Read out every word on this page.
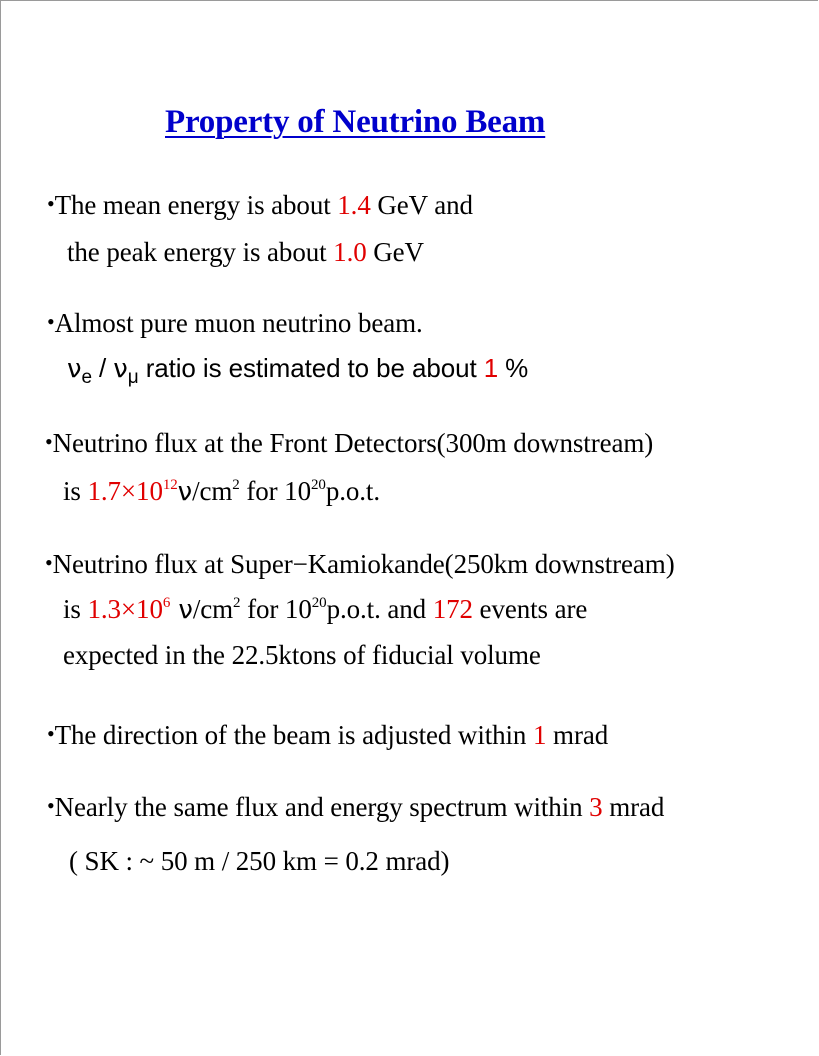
Property of Neutrino Beam
•The mean energy is about 1.4 GeV and
the peak energy is about 1.0 GeV
•Almost pure muon neutrino beam.
$\nu_e / \nu_\mu$ ratio is estimated to be about 1 %
•Neutrino flux at the Front Detectors(300m downstream)
is $1.7\times 10^{12}\nu/cm^2$ for $10^{20}p.o.t$.
•Neutrino flux at Super−Kamiokande(250km downstream)
is $1.3\times 10^6$ $\nu/cm^2$ for $10^{20}p.o.t$. and 172 events are
expected in the 22.5ktons of fiducial volume
•The direction of the beam is adjusted within 1 mrad
•Nearly the same flux and energy spectrum within 3 mrad
( SK : ~ 50 m / 250 km = 0.2 mrad)
